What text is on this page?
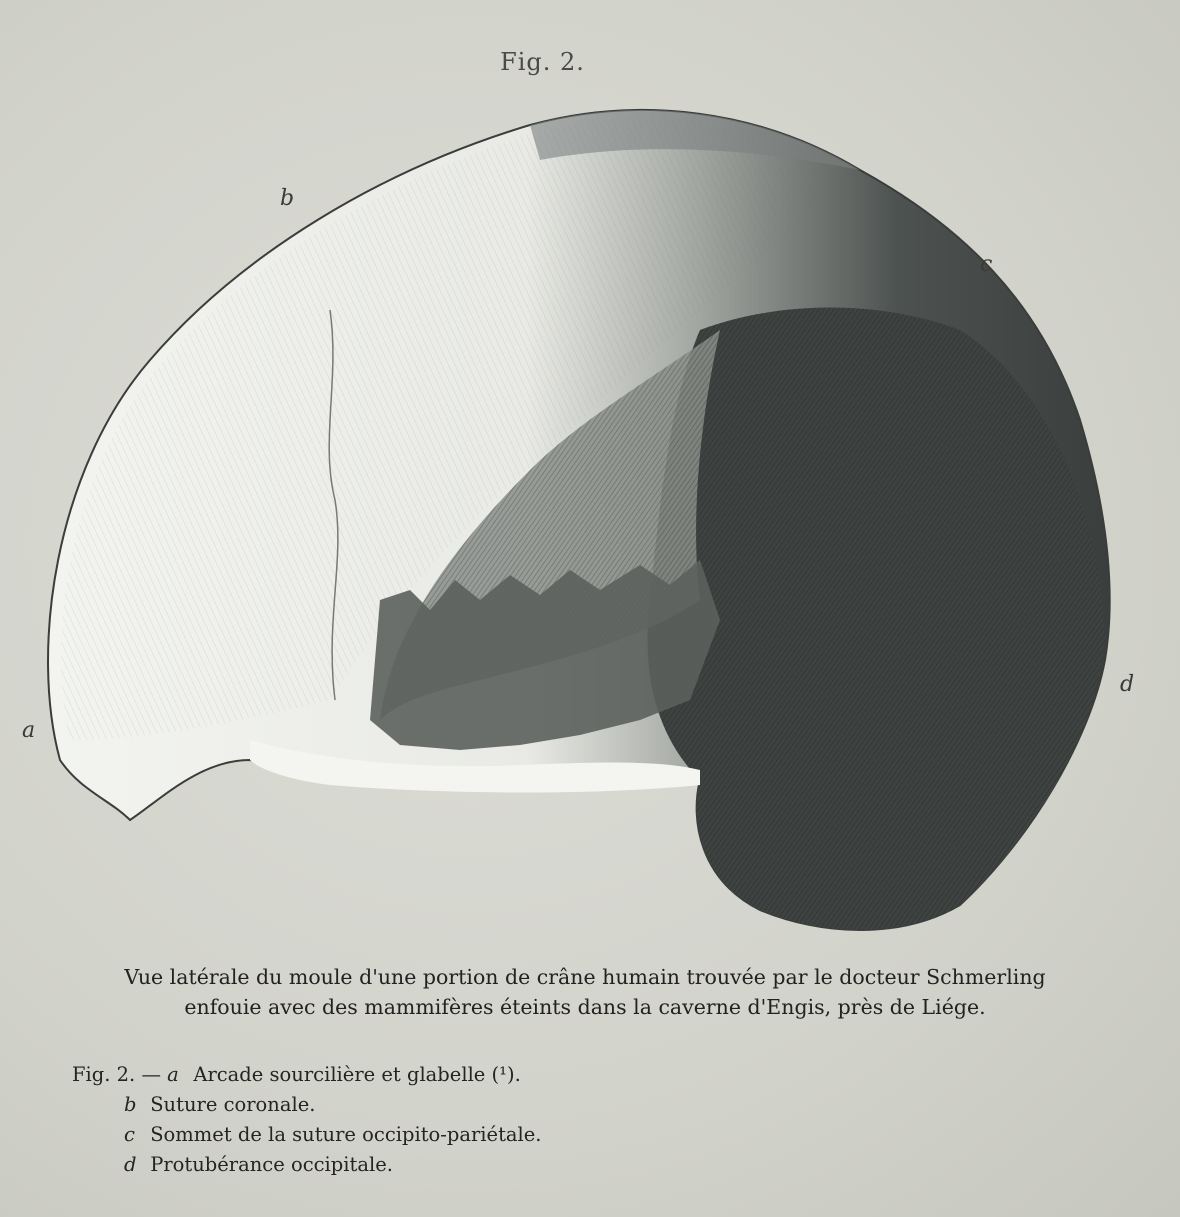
Fig. 2.
a
b
c
d
Vue latérale du moule d'une portion de crâne humain trouvée par le docteur Schmerling
enfouie avec des mammifères éteints dans la caverne d'Engis, près de Liége.
Fig. 2. — a Arcade sourcilière et glabelle (¹).
b Suture coronale.
c Sommet de la suture occipito-pariétale.
d Protubérance occipitale.
